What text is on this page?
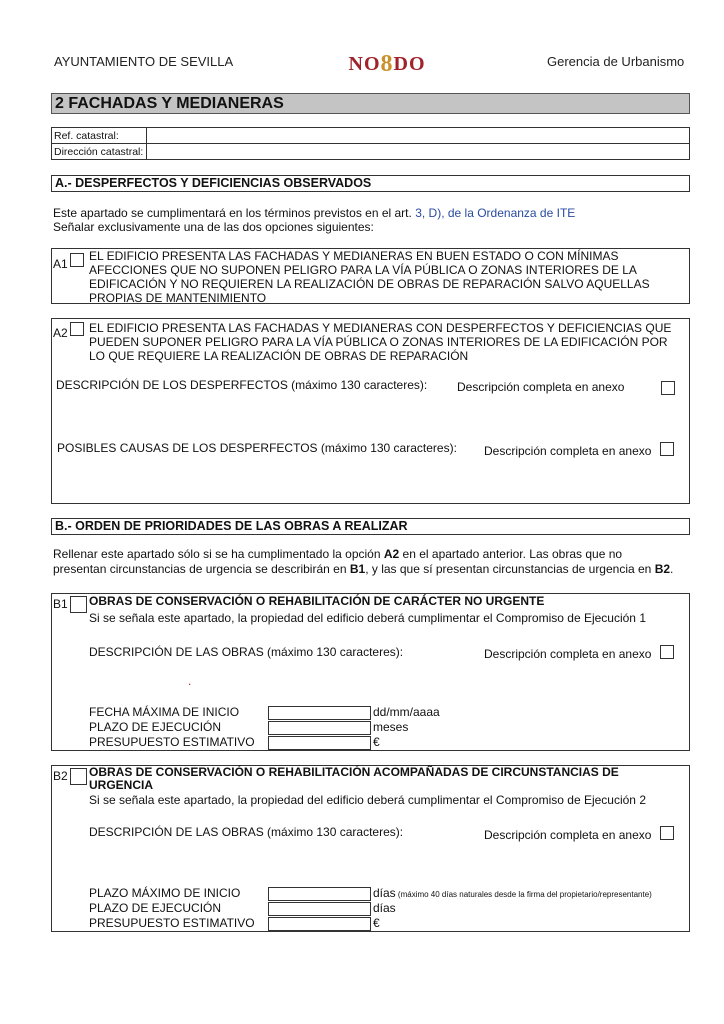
AYUNTAMIENTO DE SEVILLA	NO8DO	Gerencia de Urbanismo
2 FACHADAS Y MEDIANERAS
Ref. catastral:	
Dirección catastral:	
A.- DESPERFECTOS Y DEFICIENCIAS OBSERVADOS
Este apartado se cumplimentará en los términos previstos en el art. 3, D), de la Ordenanza de ITE
Señalar exclusivamente una de las dos opciones siguientes:
A1
EL EDIFICIO PRESENTA LAS FACHADAS Y MEDIANERAS EN BUEN ESTADO O CON MÍNIMAS
AFECCIONES QUE NO SUPONEN PELIGRO PARA LA VÍA PÚBLICA O ZONAS INTERIORES DE LA
EDIFICACIÓN Y NO REQUIEREN LA REALIZACIÓN DE OBRAS DE REPARACIÓN SALVO AQUELLAS
PROPIAS DE MANTENIMIENTO
A2 EL EDIFICIO PRESENTA LAS FACHADAS Y MEDIANERAS CON DESPERFECTOS Y DEFICIENCIAS QUE
PUEDEN SUPONER PELIGRO PARA LA VÍA PÚBLICA O ZONAS INTERIORES DE LA EDIFICACIÓN POR
LO QUE REQUIERE LA REALIZACIÓN DE OBRAS DE REPARACIÓN
DESCRIPCIÓN DE LOS DESPERFECTOS (máximo 130 caracteres): Descripción completa en anexo
POSIBLES CAUSAS DE LOS DESPERFECTOS (máximo 130 caracteres): Descripción completa en anexo
B.- ORDEN DE PRIORIDADES DE LAS OBRAS A REALIZAR
Rellenar este apartado sólo si se ha cumplimentado la opción A2 en el apartado anterior. Las obras que no
presentan circunstancias de urgencia se describirán en B1, y las que sí presentan circunstancias de urgencia en B2.
B1 OBRAS DE CONSERVACIÓN O REHABILITACIÓN DE CARÁCTER NO URGENTE
Si se señala este apartado, la propiedad del edificio deberá cumplimentar el Compromiso de Ejecución 1
DESCRIPCIÓN DE LAS OBRAS (máximo 130 caracteres):	Descripción completa en anexo
.
FECHA MÁXIMA DE INICIO	dd/mm/aaaa
PLAZO DE EJECUCIÓN	meses
PRESUPUESTO ESTIMATIVO	€
B2 OBRAS DE CONSERVACIÓN O REHABILITACIÓN ACOMPAÑADAS DE CIRCUNSTANCIAS DE
URGENCIA
Si se señala este apartado, la propiedad del edificio deberá cumplimentar el Compromiso de Ejecución 2
DESCRIPCIÓN DE LAS OBRAS (máximo 130 caracteres):	Descripción completa en anexo
PLAZO MÁXIMO DE INICIO	días (máximo 40 días naturales desde la firma del propietario/representante)
PLAZO DE EJECUCIÓN	días
PRESUPUESTO ESTIMATIVO	€
